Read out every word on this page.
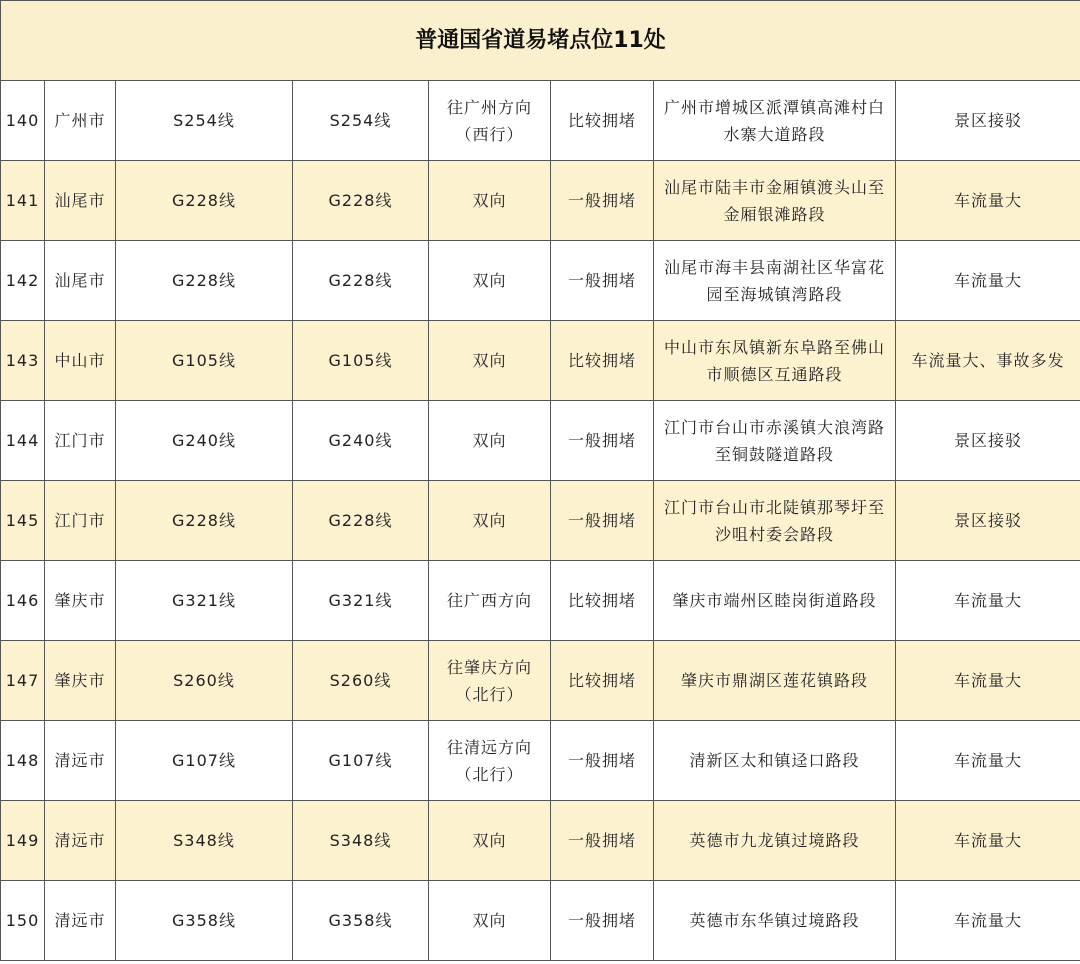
普通国省道易堵点位11处							
140	广州市	S254线	S254线	往广州方向（西行）	比较拥堵	广州市增城区派潭镇高滩村白水寨大道路段	景区接驳
141	汕尾市	G228线	G228线	双向	一般拥堵	汕尾市陆丰市金厢镇渡头山至金厢银滩路段	车流量大
142	汕尾市	G228线	G228线	双向	一般拥堵	汕尾市海丰县南湖社区华富花园至海城镇湾路段	车流量大
143	中山市	G105线	G105线	双向	比较拥堵	中山市东凤镇新东阜路至佛山市顺德区互通路段	车流量大、事故多发
144	江门市	G240线	G240线	双向	一般拥堵	江门市台山市赤溪镇大浪湾路至铜鼓隧道路段	景区接驳
145	江门市	G228线	G228线	双向	一般拥堵	江门市台山市北陡镇那琴圩至沙咀村委会路段	景区接驳
146	肇庆市	G321线	G321线	往广西方向	比较拥堵	肇庆市端州区睦岗街道路段	车流量大
147	肇庆市	S260线	S260线	往肇庆方向（北行）	比较拥堵	肇庆市鼎湖区莲花镇路段	车流量大
148	清远市	G107线	G107线	往清远方向（北行）	一般拥堵	清新区太和镇迳口路段	车流量大
149	清远市	S348线	S348线	双向	一般拥堵	英德市九龙镇过境路段	车流量大
150	清远市	G358线	G358线	双向	一般拥堵	英德市东华镇过境路段	车流量大
